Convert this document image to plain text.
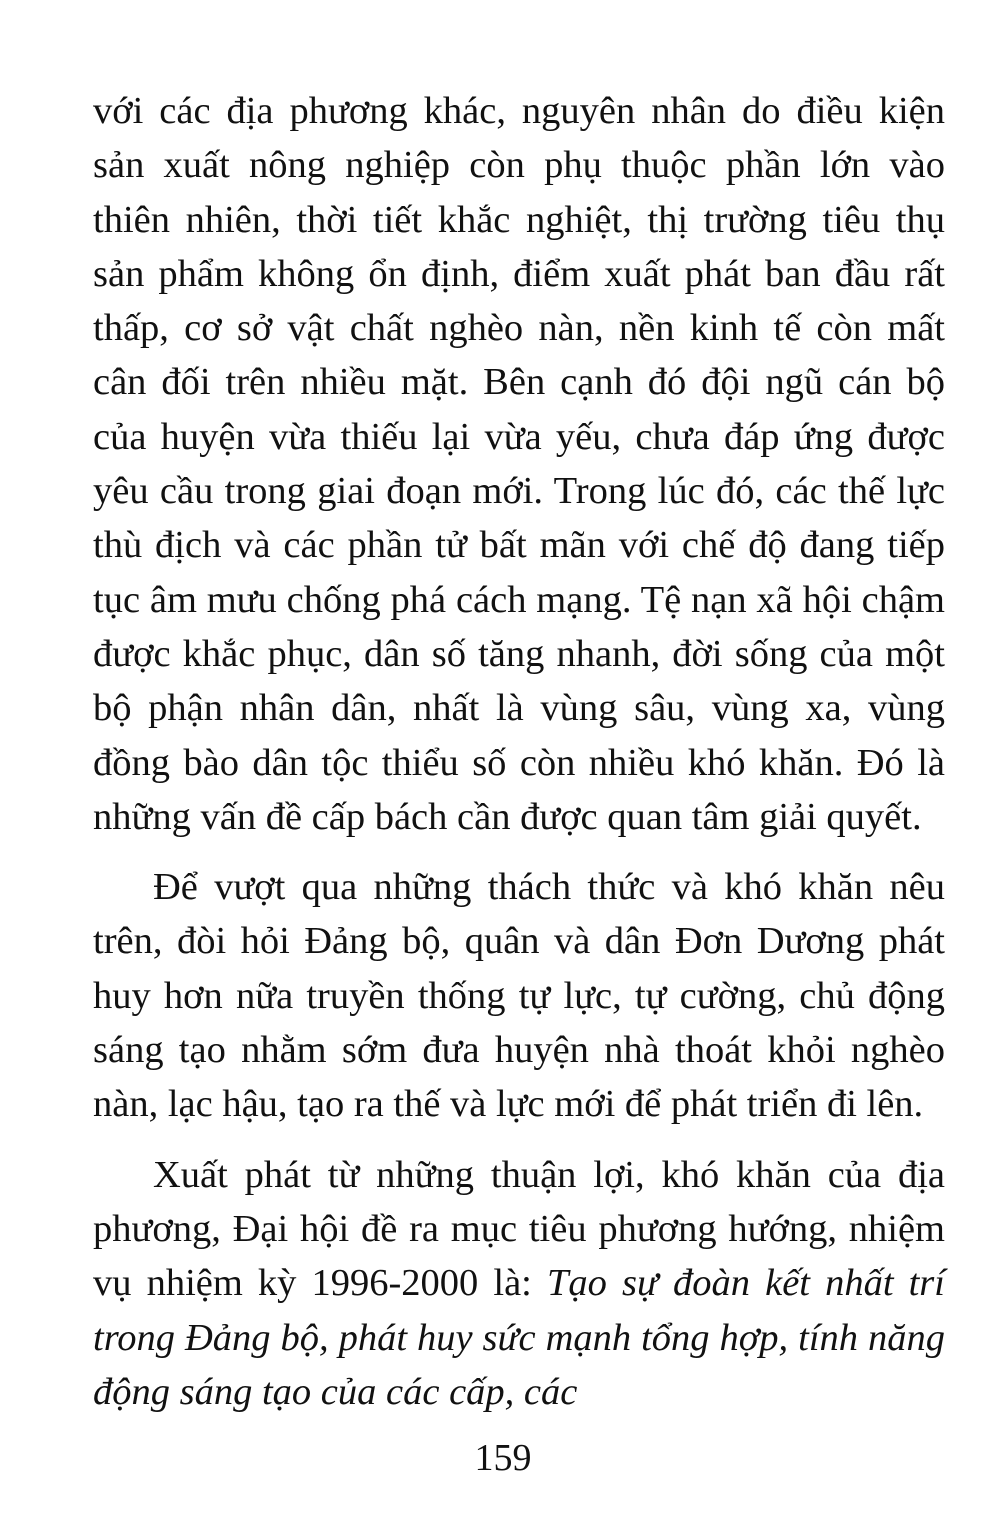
với các địa phương khác, nguyên nhân do điều kiện sản xuất nông nghiệp còn phụ thuộc phần lớn vào thiên nhiên, thời tiết khắc nghiệt, thị trường tiêu thụ sản phẩm không ổn định, điểm xuất phát ban đầu rất thấp, cơ sở vật chất nghèo nàn, nền kinh tế còn mất cân đối trên nhiều mặt. Bên cạnh đó đội ngũ cán bộ của huyện vừa thiếu lại vừa yếu, chưa đáp ứng được yêu cầu trong giai đoạn mới. Trong lúc đó, các thế lực thù địch và các phần tử bất mãn với chế độ đang tiếp tục âm mưu chống phá cách mạng. Tệ nạn xã hội chậm được khắc phục, dân số tăng nhanh, đời sống của một bộ phận nhân dân, nhất là vùng sâu, vùng xa, vùng đồng bào dân tộc thiểu số còn nhiều khó khăn. Đó là những vấn đề cấp bách cần được quan tâm giải quyết.

Để vượt qua những thách thức và khó khăn nêu trên, đòi hỏi Đảng bộ, quân và dân Đơn Dương phát huy hơn nữa truyền thống tự lực, tự cường, chủ động sáng tạo nhằm sớm đưa huyện nhà thoát khỏi nghèo nàn, lạc hậu, tạo ra thế và lực mới để phát triển đi lên.

Xuất phát từ những thuận lợi, khó khăn của địa phương, Đại hội đề ra mục tiêu phương hướng, nhiệm vụ nhiệm kỳ 1996-2000 là: Tạo sự đoàn kết nhất trí trong Đảng bộ, phát huy sức mạnh tổng hợp, tính năng động sáng tạo của các cấp, các

159
